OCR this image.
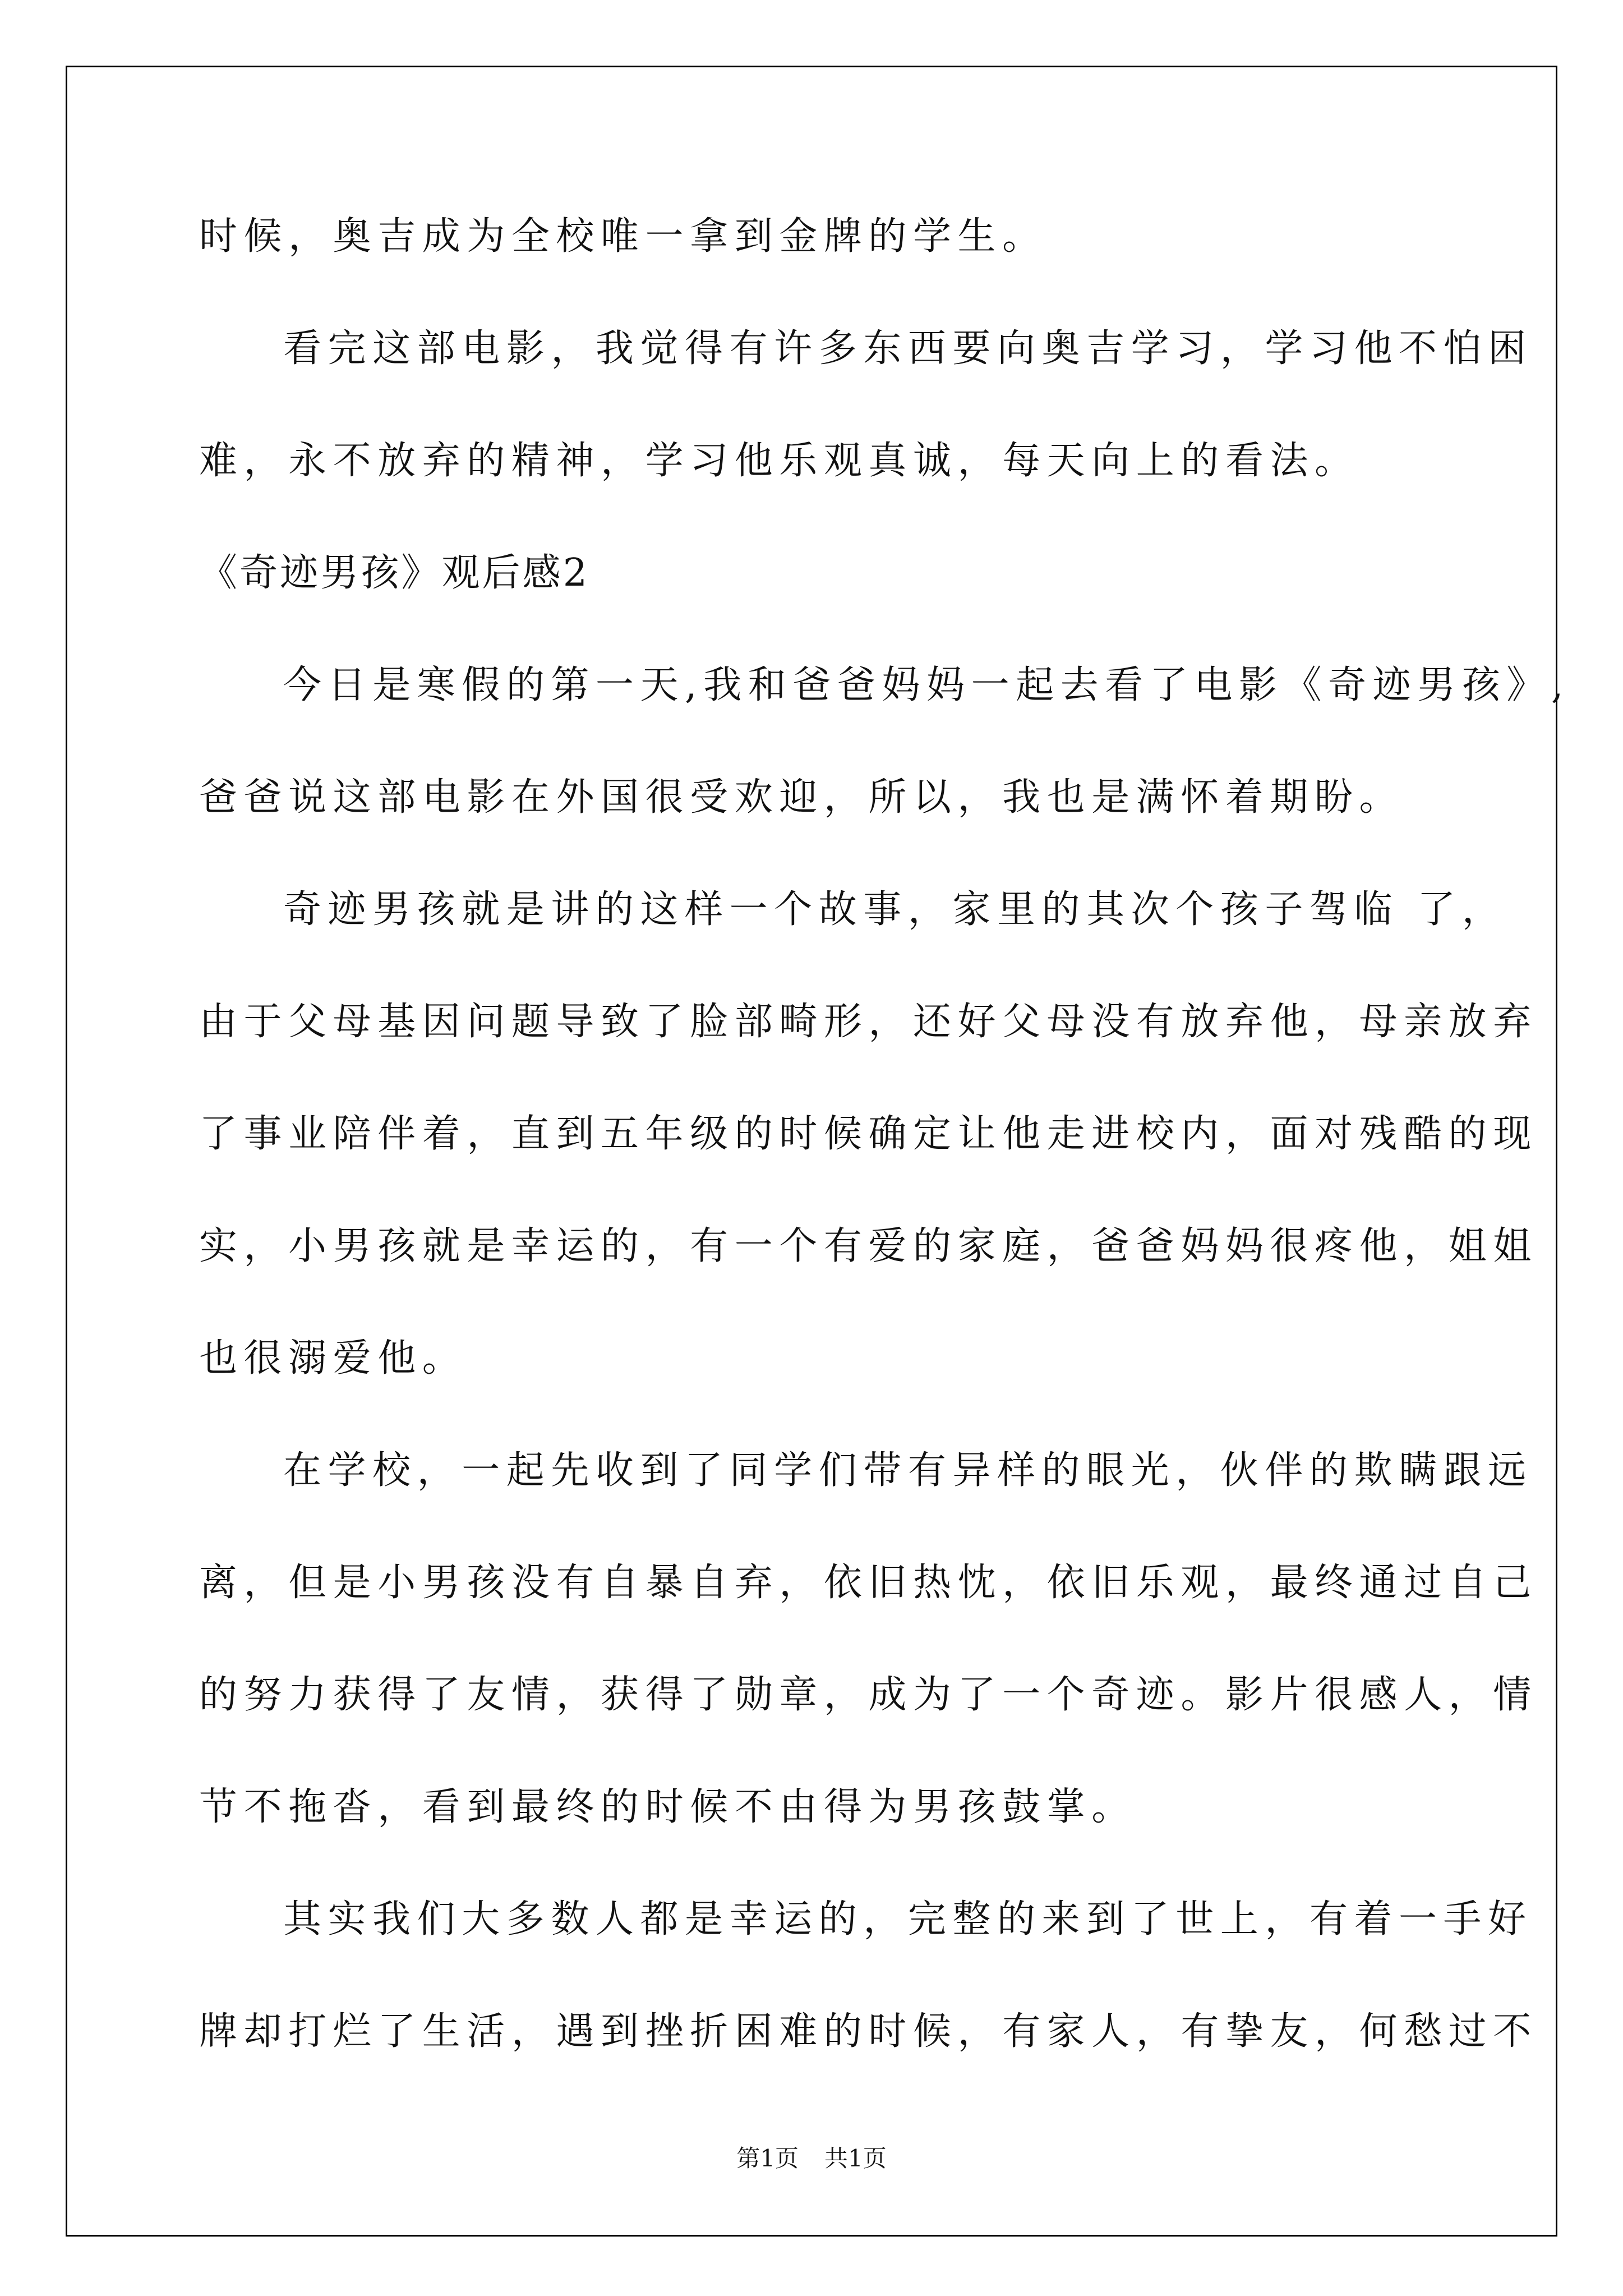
时候，奥吉成为全校唯一拿到金牌的学生。
看完这部电影，我觉得有许多东西要向奥吉学习，学习他不怕困
难，永不放弃的精神，学习他乐观真诚，每天向上的看法。
《奇迹男孩》观后感2
今日是寒假的第一天,我和爸爸妈妈一起去看了电影《奇迹男孩》,
爸爸说这部电影在外国很受欢迎，所以，我也是满怀着期盼。
奇迹男孩就是讲的这样一个故事，家里的其次个孩子驾临 了，
由于父母基因问题导致了脸部畸形，还好父母没有放弃他，母亲放弃
了事业陪伴着，直到五年级的时候确定让他走进校内，面对残酷的现
实，小男孩就是幸运的，有一个有爱的家庭，爸爸妈妈很疼他，姐姐
也很溺爱他。
在学校，一起先收到了同学们带有异样的眼光，伙伴的欺瞒跟远
离，但是小男孩没有自暴自弃，依旧热忱，依旧乐观，最终通过自己
的努力获得了友情，获得了勋章，成为了一个奇迹。影片很感人，情
节不拖沓，看到最终的时候不由得为男孩鼓掌。
其实我们大多数人都是幸运的，完整的来到了世上，有着一手好
牌却打烂了生活，遇到挫折困难的时候，有家人，有挚友，何愁过不
第1页 共1页
